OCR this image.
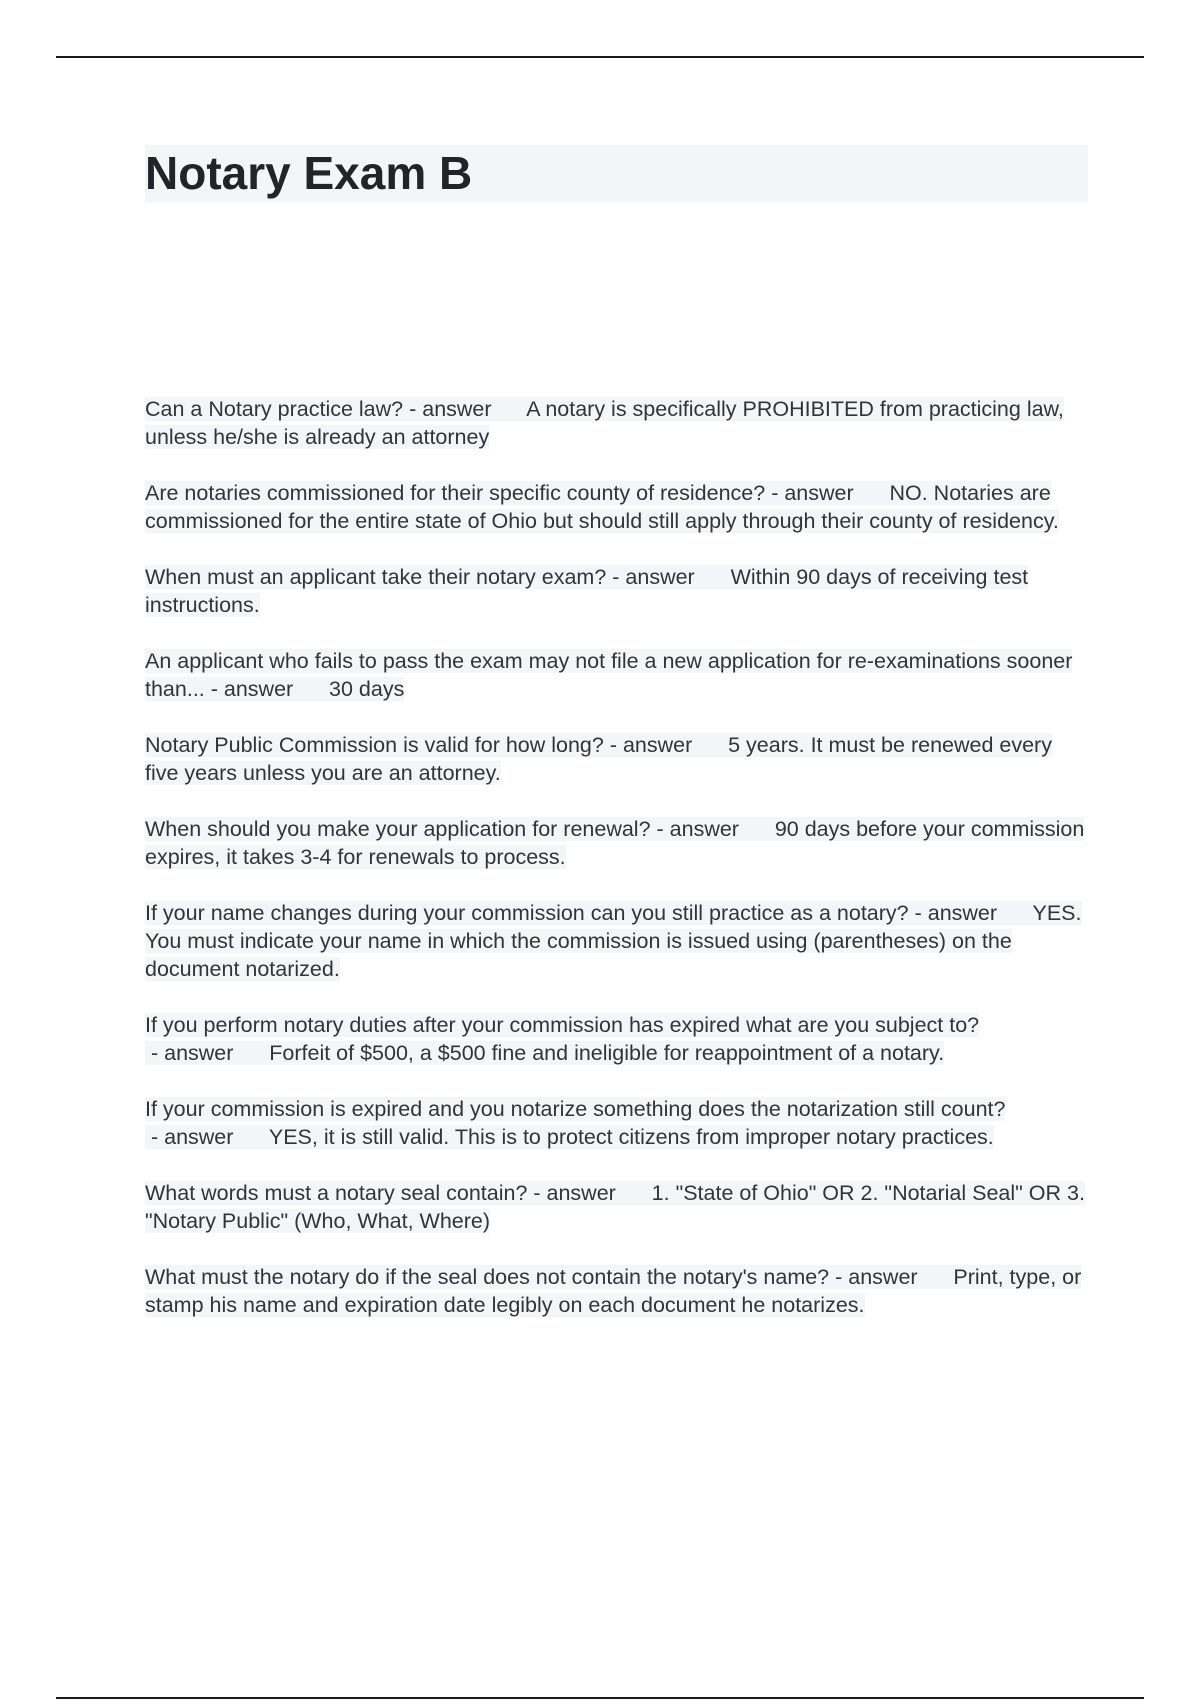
Notary Exam B

Can a Notary practice law? - answer      A notary is specifically PROHIBITED from practicing law, unless he/she is already an attorney

Are notaries commissioned for their specific county of residence? - answer      NO. Notaries are commissioned for the entire state of Ohio but should still apply through their county of residency.

When must an applicant take their notary exam? - answer      Within 90 days of receiving test instructions.

An applicant who fails to pass the exam may not file a new application for re-examinations sooner than... - answer      30 days

Notary Public Commission is valid for how long? - answer      5 years. It must be renewed every five years unless you are an attorney.

When should you make your application for renewal? - answer      90 days before your commission expires, it takes 3-4 for renewals to process.

If your name changes during your commission can you still practice as a notary? - answer      YES. You must indicate your name in which the commission is issued using (parentheses) on the document notarized.

If you perform notary duties after your commission has expired what are you subject to? - answer      Forfeit of $500, a $500 fine and ineligible for reappointment of a notary.

If your commission is expired and you notarize something does the notarization still count? - answer      YES, it is still valid. This is to protect citizens from improper notary practices.

What words must a notary seal contain? - answer      1. "State of Ohio" OR 2. "Notarial Seal" OR 3. "Notary Public" (Who, What, Where)

What must the notary do if the seal does not contain the notary's name? - answer      Print, type, or stamp his name and expiration date legibly on each document he notarizes.
